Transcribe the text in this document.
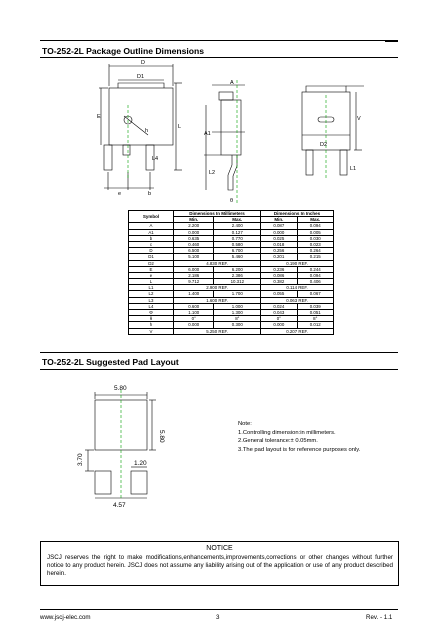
TO-252-2L Package Outline Dimensions
D
D1
E
L
L4
e	b
A
A1
L2
θ
h
V
D2
L1
Symbol	Dimensions In Millimeters		Dimensions In Inches	
	Min.	Max.	Min.	Max.
A	2.200	2.400	0.087	0.094
A1	0.000	0.127	0.000	0.005
b	0.635	0.770	0.025	0.030
c	0.460	0.580	0.018	0.023
D	6.500	6.700	0.256	0.264
D1	5.100	5.460	0.201	0.215
D2	4.830 REF.		0.190 REF.	
E	6.000	6.200	0.236	0.244
e	2.186	2.386	0.086	0.094
L	9.712	10.312	0.382	0.406
L1	2.900 REF.		0.114 REF.	
L2	1.400	1.700	0.055	0.067
L3	1.600 REF.		0.063 REF.	
L4	0.600	1.000	0.024	0.039
Φ	1.100	1.300	0.043	0.051
θ	0°	8°	0°	8°
h	0.000	0.300	0.000	0.012
V	5.250 REF.		0.207 REF.	
TO-252-2L Suggested Pad Layout
5.80
5.80
3.70	1.20
4.57
Note:
1.Controlling dimension:in millimeters.
2.General tolerance:± 0.05mm.
3.The pad layout is for reference purposes only.
NOTICE
JSCJ reserves the right to make modifications,enhancements,improvements,corrections or other changes without further notice to any product herein. JSCJ does not assume any liability arising out of the application or use of any product described herein.
www.jscj-elec.com	3	Rev. - 1.1
